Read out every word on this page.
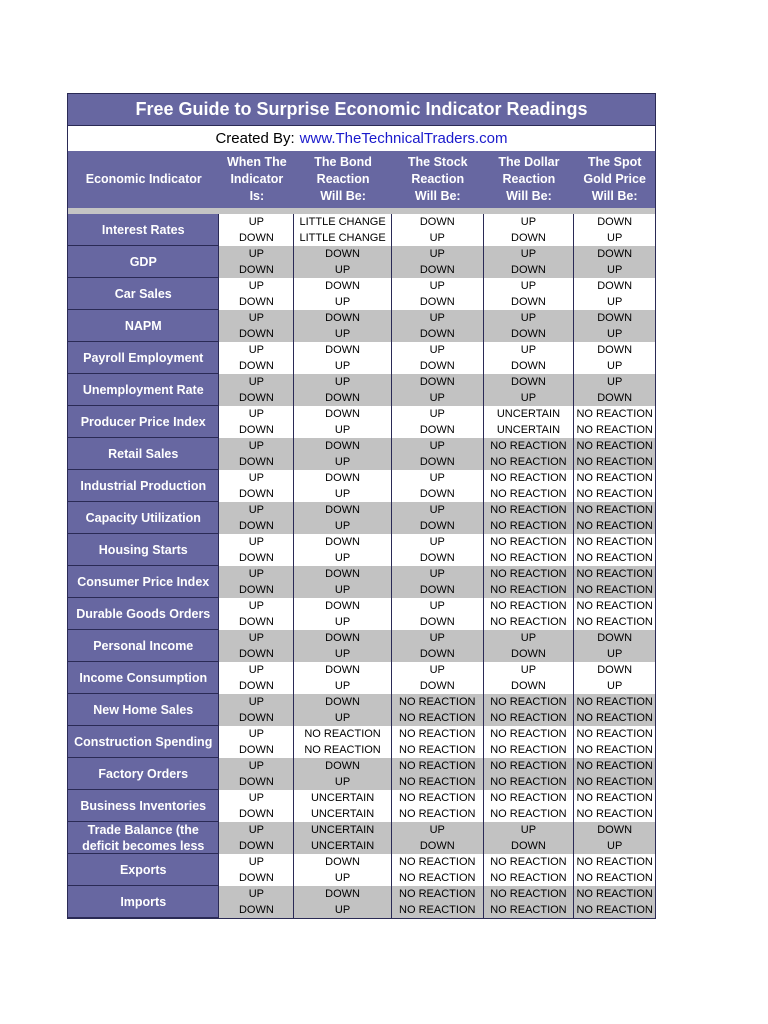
Free Guide to Surprise Economic Indicator Readings
Created By: www.TheTechnicalTraders.com
Economic Indicator
When The
Indicator
Is:
The Bond
Reaction
Will Be:
The Stock
Reaction
Will Be:
The Dollar
Reaction
Will Be:
The Spot
Gold Price
Will Be:
Interest Rates
UP
DOWN
LITTLE CHANGE
LITTLE CHANGE
DOWN
UP
UP
DOWN
DOWN
UP
GDP
UP
DOWN
DOWN
UP
UP
DOWN
UP
DOWN
DOWN
UP
Car Sales
UP
DOWN
DOWN
UP
UP
DOWN
UP
DOWN
DOWN
UP
NAPM
UP
DOWN
DOWN
UP
UP
DOWN
UP
DOWN
DOWN
UP
Payroll Employment
UP
DOWN
DOWN
UP
UP
DOWN
UP
DOWN
DOWN
UP
Unemployment Rate
UP
DOWN
UP
DOWN
DOWN
UP
DOWN
UP
UP
DOWN
Producer Price Index
UP
DOWN
DOWN
UP
UP
DOWN
UNCERTAIN
UNCERTAIN
NO REACTION
NO REACTION
Retail Sales
UP
DOWN
DOWN
UP
UP
DOWN
NO REACTION
NO REACTION
NO REACTION
NO REACTION
Industrial Production
UP
DOWN
DOWN
UP
UP
DOWN
NO REACTION
NO REACTION
NO REACTION
NO REACTION
Capacity Utilization
UP
DOWN
DOWN
UP
UP
DOWN
NO REACTION
NO REACTION
NO REACTION
NO REACTION
Housing Starts
UP
DOWN
DOWN
UP
UP
DOWN
NO REACTION
NO REACTION
NO REACTION
NO REACTION
Consumer Price Index
UP
DOWN
DOWN
UP
UP
DOWN
NO REACTION
NO REACTION
NO REACTION
NO REACTION
Durable Goods Orders
UP
DOWN
DOWN
UP
UP
DOWN
NO REACTION
NO REACTION
NO REACTION
NO REACTION
Personal Income
UP
DOWN
DOWN
UP
UP
DOWN
UP
DOWN
DOWN
UP
Income Consumption
UP
DOWN
DOWN
UP
UP
DOWN
UP
DOWN
DOWN
UP
New Home Sales
UP
DOWN
DOWN
UP
NO REACTION
NO REACTION
NO REACTION
NO REACTION
NO REACTION
NO REACTION
Construction Spending
UP
DOWN
NO REACTION
NO REACTION
NO REACTION
NO REACTION
NO REACTION
NO REACTION
NO REACTION
NO REACTION
Factory Orders
UP
DOWN
DOWN
UP
NO REACTION
NO REACTION
NO REACTION
NO REACTION
NO REACTION
NO REACTION
Business Inventories
UP
DOWN
UNCERTAIN
UNCERTAIN
NO REACTION
NO REACTION
NO REACTION
NO REACTION
NO REACTION
NO REACTION
Trade Balance (the
deficit becomes less
UP
DOWN
UNCERTAIN
UNCERTAIN
UP
DOWN
UP
DOWN
DOWN
UP
Exports
UP
DOWN
DOWN
UP
NO REACTION
NO REACTION
NO REACTION
NO REACTION
NO REACTION
NO REACTION
Imports
UP
DOWN
DOWN
UP
NO REACTION
NO REACTION
NO REACTION
NO REACTION
NO REACTION
NO REACTION
